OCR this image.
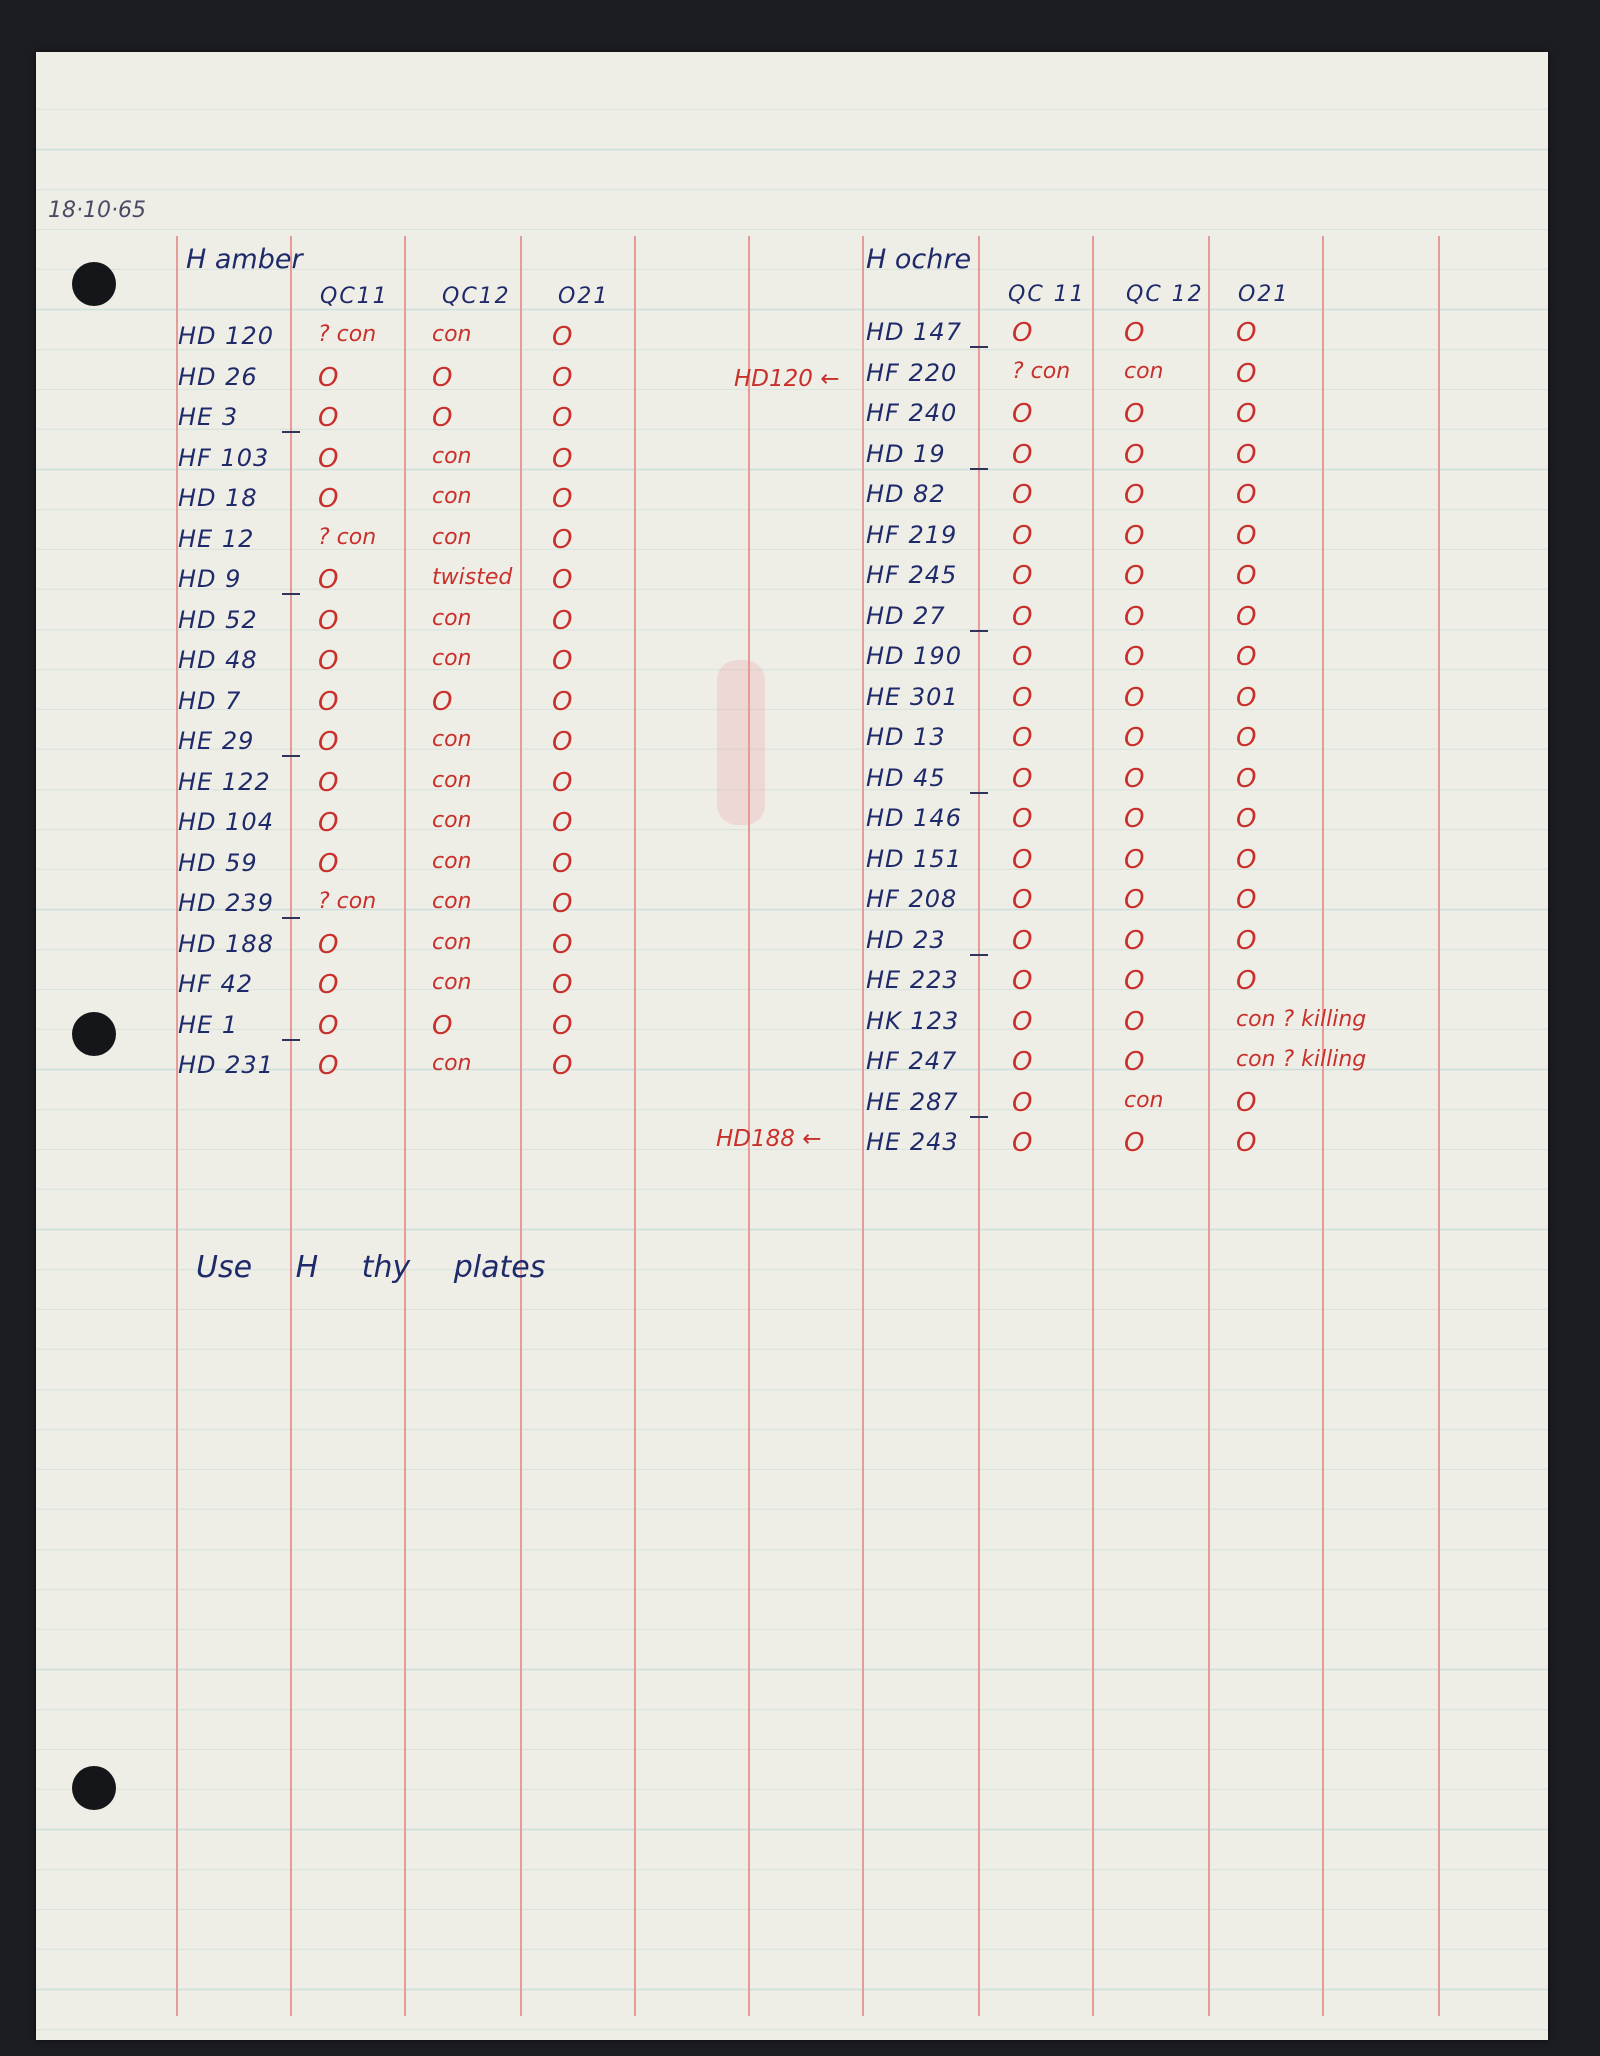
18·10·65
H amber
QC11 QC12 O21
HD 120 ? con	con	O
HD 26 O	O	O
HE 3	O	O	O
HF 103 O	con	O
HD 18 O	con	O
HE 12	? con	con	O
HD 9	O	twisted O
HD 52 O	con	O
HD 48 O	con	O
HD 7	O	O	O
HE 29 O	con	O
HE 122 O	con	O
HD 104 O	con	O
HD 59 O	con	O
HD 239 ? con	con	O
HD 188 O	con	O
HF 42 O	con	O
HE 1	O	O	O
HD 231 O	con	O
H ochre
QC 11 QC 12 O21
HD 147 O	O	O
HF 220 ? con con	O
HF 240 O	O	O
HD 19	O	O	O
HD 82	O	O	O
HF 219 O	O	O
HF 245 O	O	O
HD 27	O	O	O
HD 190 O	O	O
HE 301 O	O	O
HD 13	O	O	O
HD 45	O	O	O
HD 146 O	O	O
HD 151 O	O	O
HF 208 O	O	O
HD 23	O	O	O
HE 223 O	O	O
HK 123 O	O	con ? killing
HF 247 O	O	con ? killing
HE 287 O	con	O
HE 243 O	O	O
HD120 ←
HD188 ←
Use H thy plates
